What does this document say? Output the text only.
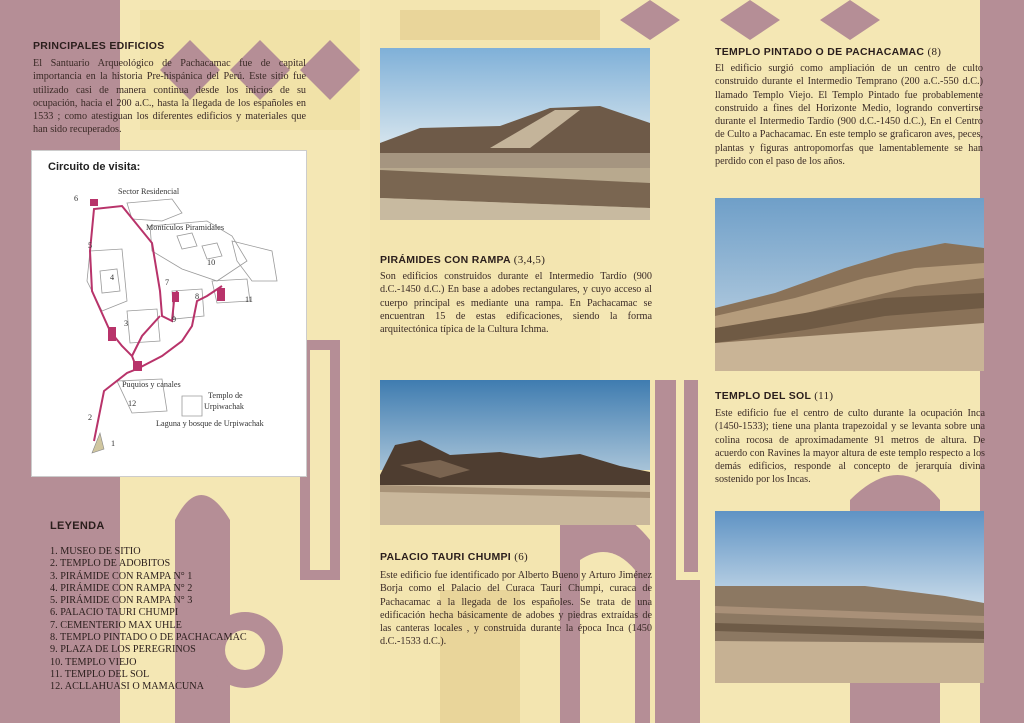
PRINCIPALES EDIFICIOS

El Santuario Arqueológico de Pachacamac fue de capital importancia en la historia Pre-hispánica del Perú. Este sitio fue utilizado casi de manera continua desde los inicios de su ocupación, hacia el 200 a.C., hasta la llegada de los españoles en 1533 ; como atestiguan los diferentes edificios y materiales que han sido recuperados.

Circuito de visita:
Sector Residencial
Montículos Piramidales
Puquios y canales
Templo de
Urpiwachak
Laguna y bosque de Urpiwachak
1
2
3
4
5
6
7
8
9
10
11
12

LEYENDA

1. MUSEO DE SITIO
2. TEMPLO DE ADOBITOS
3. PIRÁMIDE CON RAMPA N° 1
4. PIRÁMIDE CON RAMPA N° 2
5. PIRÁMIDE CON RAMPA N° 3
6. PALACIO TAURI CHUMPI
7. CEMENTERIO MAX UHLE
8. TEMPLO PINTADO O DE PACHACAMAC
9. PLAZA DE LOS PEREGRINOS
10. TEMPLO VIEJO
11. TEMPLO DEL SOL
12. ACLLAHUASI O MAMACUNA

PIRÁMIDES CON RAMPA (3,4,5)

Son edificios construidos durante el Intermedio Tardío (900 d.C.-1450 d.C.) En base a adobes rectangulares, y cuyo acceso al cuerpo principal es mediante una rampa. En Pachacamac se encuentran 15 de estas edificaciones, siendo la forma arquitectónica típica de la Cultura Ichma.

PALACIO TAURI CHUMPI (6)

Este edificio fue identificado por Alberto Bueno y Arturo Jiménez Borja como el Palacio del Curaca Tauri Chumpi, curaca de Pachacamac a la llegada de los españoles. Se trata de una edificación hecha básicamente de adobes y piedras extraídas de las canteras locales , y construida durante la época Inca (1450 d.C.-1533 d.C.).

TEMPLO PINTADO O DE PACHACAMAC (8)

El edificio surgió como ampliación de un centro de culto construido durante el Intermedio Temprano (200 a.C.-550 d.C.) llamado Templo Viejo. El Templo Pintado fue probablemente construido a fines del Horizonte Medio, logrando convertirse durante el Intermedio Tardío (900 d.C.-1450 d.C.), En el Centro de Culto a Pachacamac. En este templo se graficaron aves, peces, plantas y figuras antropomorfas que lamentablemente se han perdido con el paso de los años.

TEMPLO DEL SOL (11)

Este edificio fue el centro de culto durante la ocupación Inca (1450-1533); tiene una planta trapezoidal y se levanta sobre una colina rocosa de aproximadamente 91 metros de altura. De acuerdo con Ravines la mayor altura de este templo respecto a los demás edificios, responde al concepto de jerarquía divina sostenido por los Incas.
